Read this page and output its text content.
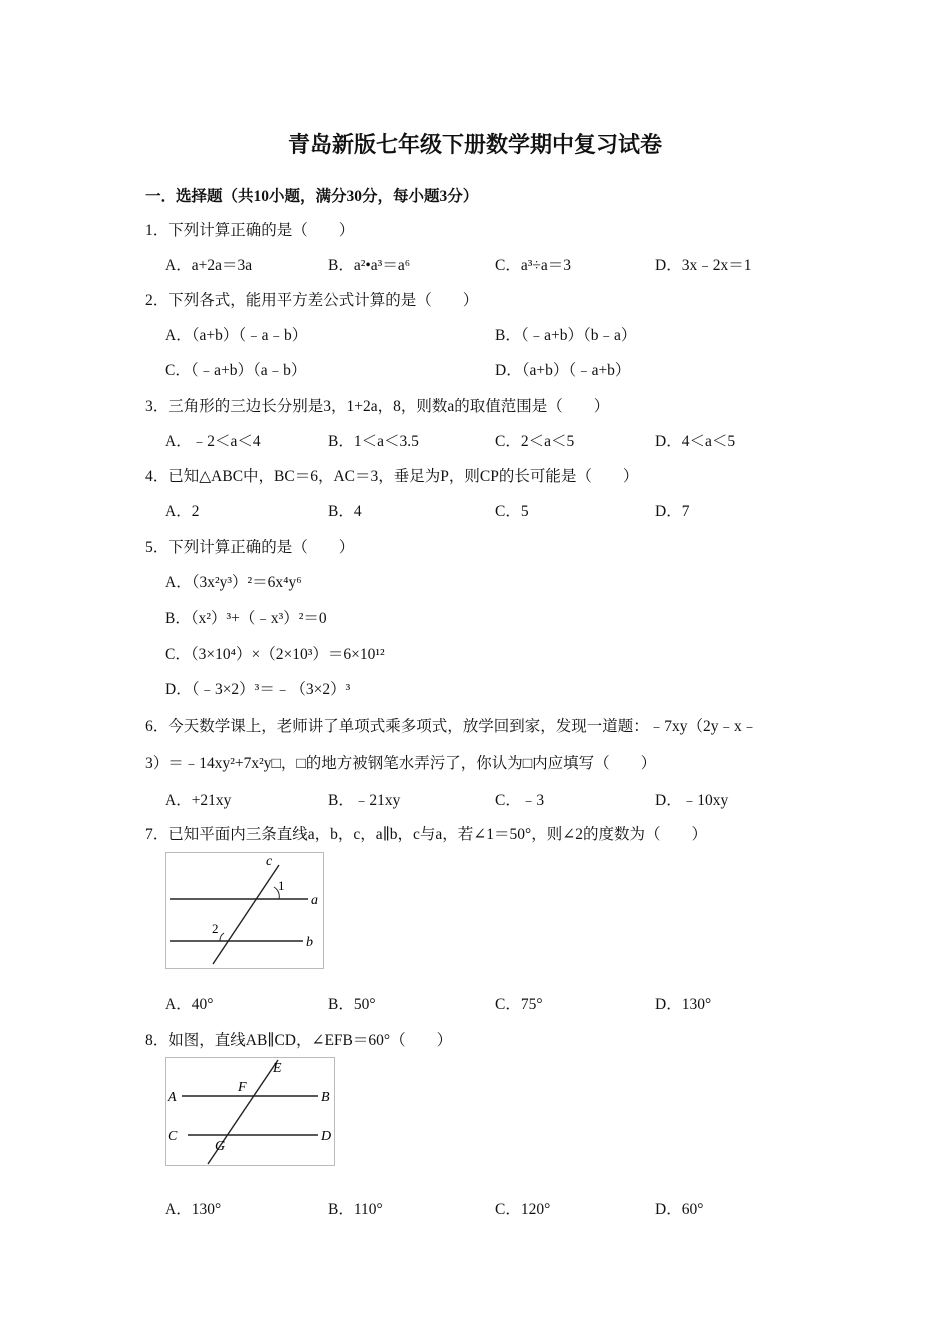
青岛新版七年级下册数学期中复习试卷
一．选择题（共10小题，满分30分，每小题3分）
1．下列计算正确的是（　　）
A．a+2a＝3a	B．a²•a³＝a⁶	C．a³÷a＝3	D．3x﹣2x＝1
2．下列各式，能用平方差公式计算的是（　　）
A．（a+b）（﹣a﹣b）	B．（﹣a+b）（b﹣a）
C．（﹣a+b）（a﹣b）	D．（a+b）（﹣a+b）
3．三角形的三边长分别是3，1+2a，8，则数a的取值范围是（　　）
A．﹣2＜a＜4	B．1＜a＜3.5	C．2＜a＜5	D．4＜a＜5
4．已知△ABC中，BC＝6，AC＝3，垂足为P，则CP的长可能是（　　）
A．2	B．4	C．5	D．7
5．下列计算正确的是（　　）
A．（3x²y³）²＝6x⁴y⁶
B．（x²）³+（﹣x³）²＝0
C．（3×10⁴）×（2×10³）＝6×10¹²
D．（﹣3×2）³＝﹣（3×2）³
6．今天数学课上，老师讲了单项式乘多项式，放学回到家，发现一道题：﹣7xy（2y﹣x﹣
3）＝﹣14xy²+7x²y□，□的地方被钢笔水弄污了，你认为□内应填写（　　）
A．+21xy	B．﹣21xy	C．﹣3	D．﹣10xy
7．已知平面内三条直线a，b，c，a∥b，c与a，若∠1＝50°，则∠2的度数为（　　）
c
1
a
2
b
A．40°	B．50°	C．75°	D．130°
8．如图，直线AB∥CD，∠EFB＝60°（　　）
E
A
F
B
C
G
D
A．130°	B．110°	C．120°	D．60°
